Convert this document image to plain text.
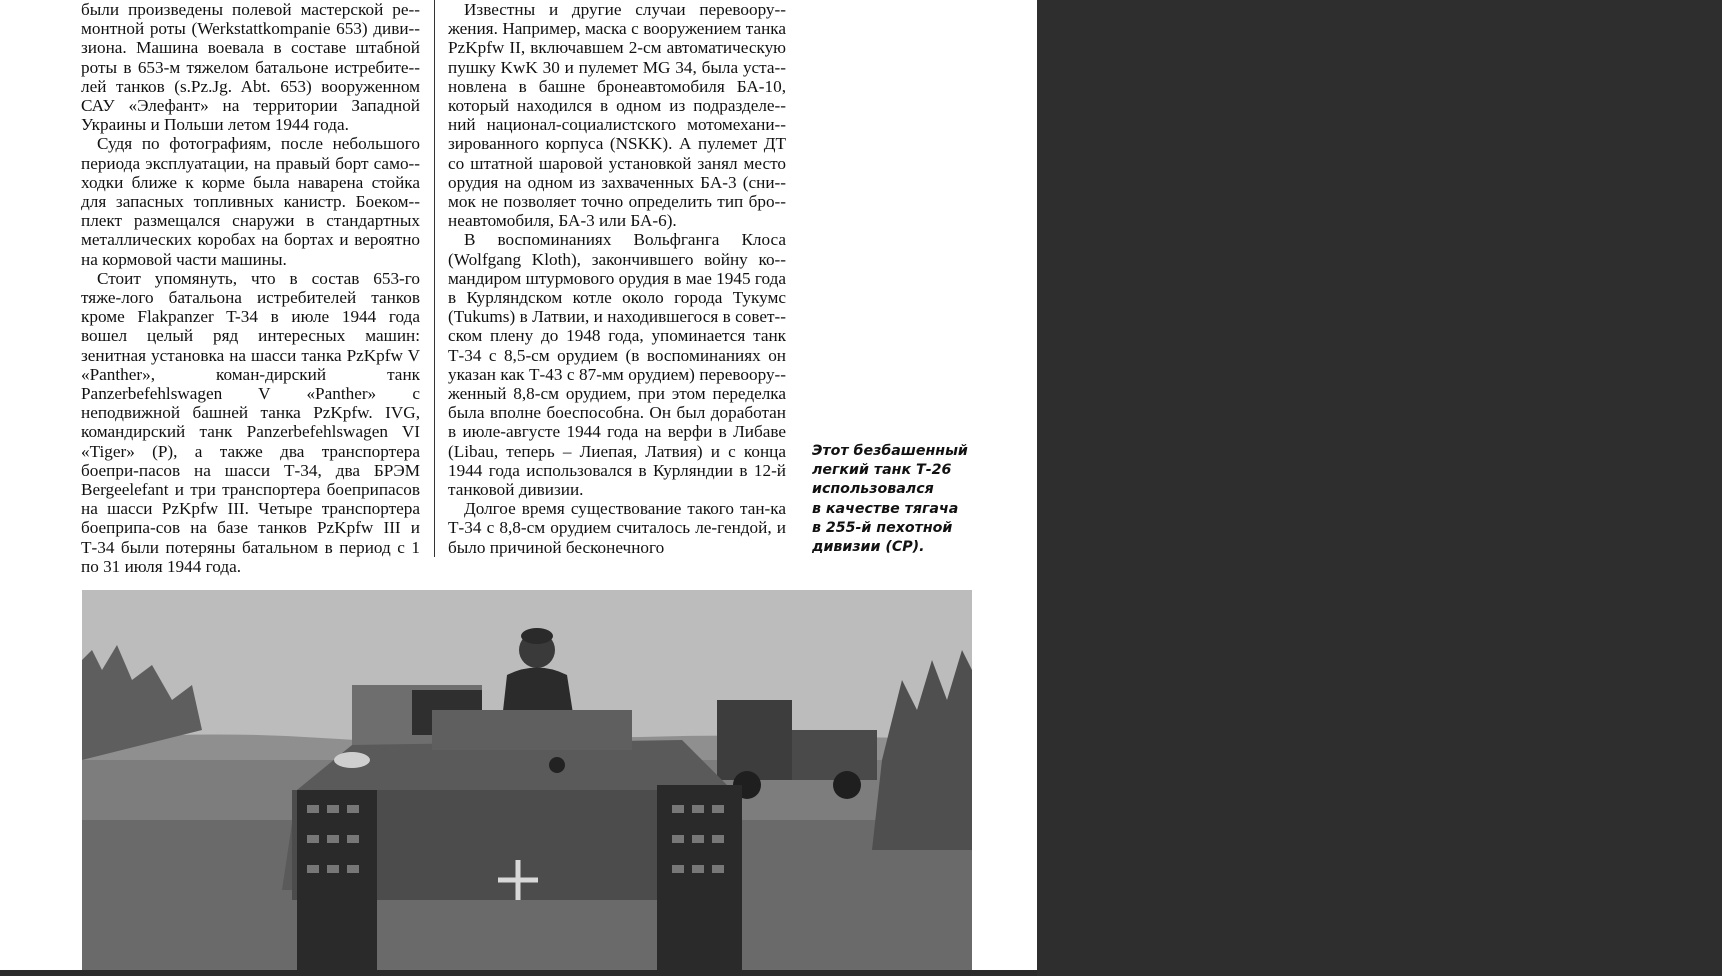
были произведены полевой мастерской ре-монтной роты (Werkstattkompanie 653) диви-зиона. Машина воевала в составе штабной роты в 653-м тяжелом батальоне истребите-лей танков (s.Pz.Jg. Abt. 653) вооруженном САУ «Элефант» на территории Западной Украины и Польши летом 1944 года.

Судя по фотографиям, после небольшого периода эксплуатации, на правый борт само-ходки ближе к корме была наварена стойка для запасных топливных канистр. Боеком-плект размещался снаружи в стандартных металлических коробах на бортах и вероятно на кормовой части машины.

Стоит упомянуть, что в состав 653-го тяже-лого батальона истребителей танков кроме Flakpanzer T-34 в июле 1944 года вошел целый ряд интересных машин: зенитная установка на шасси танка PzKpfw V «Panther», коман-дирский танк Panzerbefehlswagen V «Panther» с неподвижной башней танка PzKpfw. IVG, командирский танк Panzerbefehlswagen VI «Tiger» (P), а также два транспортера боепри-пасов на шасси Т-34, два БРЭМ Bergeelefant и три транспортера боеприпасов на шасси PzKpfw III. Четыре транспортера боеприпа-сов на базе танков PzKpfw III и Т-34 были потеряны батальном в период с 1 по 31 июля 1944 года.

Известны и другие случаи перевоору-жения. Например, маска с вооружением танка PzKpfw II, включавшем 2-см автоматическую пушку KwK 30 и пулемет MG 34, была уста-новлена в башне бронеавтомобиля БА-10, который находился в одном из подразделе-ний национал-социалистского мотомехани-зированного корпуса (NSKK). А пулемет ДТ со штатной шаровой установкой занял место орудия на одном из захваченных БА-3 (сни-мок не позволяет точно определить тип бро-неавтомобиля, БА-3 или БА-6).

В воспоминаниях Вольфганга Клоса (Wolfgang Kloth), закончившего войну ко-мандиром штурмового орудия в мае 1945 года в Курляндском котле около города Тукумс (Tukums) в Латвии, и находившегося в совет-ском плену до 1948 года, упоминается танк Т-34 с 8,5-см орудием (в воспоминаниях он указан как Т-43 с 87-мм орудием) перевоору-женный 8,8-см орудием, при этом переделка была вполне боеспособна. Он был доработан в июле-августе 1944 года на верфи в Либаве (Libau, теперь – Лиепая, Латвия) и с конца 1944 года использовался в Курляндии в 12-й танковой дивизии.

Долгое время существование такого тан-ка Т-34 с 8,8-см орудием считалось ле-гендой, и было причиной бесконечного

Этот безбашенный
легкий танк Т-26
использовался
в качестве тягача
в 255-й пехотной
дивизии (СР).
